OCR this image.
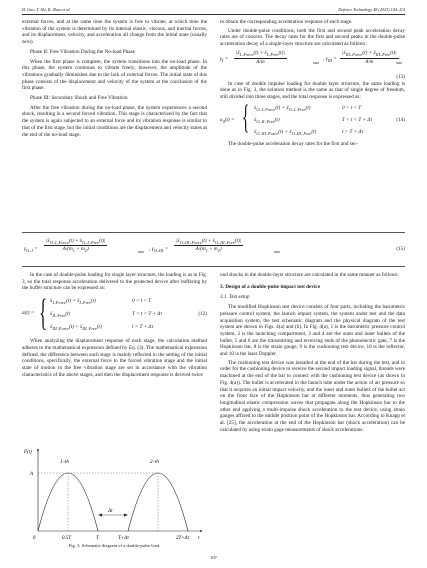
H. Gao, Y. Shi, R. Zhao et al.	Defence Technology 48 (2025) 104–114

external forces, and at the same time the system is free to vibrate, at which time the vibration of the system is determined by its internal elastic, viscous, and inertial forces, and its displacement, velocity, and acceleration all change from the initial state (usually zero).

Phase II: Free Vibration During the No-load Phase

When the first phase is complete, the system transitions into the no-load phase. In this phase, the system continues to vibrate freely; however, the amplitude of the vibrations gradually diminishes due to the lack of external forces. The initial state of this phase consists of the displacement and velocity of the system at the conclusion of the first phase.

Phase III: Secondary Shock and Free Vibration

After the free vibration during the no-load phase, the system experiences a second shock, resulting in a second forced vibration. This stage is characterized by the fact that the system is again subjected to an external force and its vibration response is similar to that of the first stage, but the initial conditions are the displacement and velocity states at the end of the no-load stage.

to obtain the corresponding acceleration response of each stage.

Under double-pulse conditions, both the first and second peak acceleration decay rates are of concern. The decay rates for the first and second peaks in the double-pulse acceleration decay of a single-layer structure are calculated as follows:

$\gamma_I$ =
$|ẍ_{I-Force}(t)$ + $ẍ_{I-Free}(t)|$
A/m	max
, $\gamma_{III}$ =
$|ẍ_{III-Force}(t)$ + $ẍ_{III-Free}(t)|$
A/m	max
(13)

In case of double impulse loading for double layer structure, the same loading is done as in Fig. 3, the solution method is the same as that of single degree of freedom, still divided into three stages, and the total response is expressed as:

$a_0(t)$ = { $ẍ_{O-I-Force}(t)$ + $ẍ_{O-I-Free}(t)$	0 < t < T
$ẍ_{O-II-Free}(t)$	T < t < T + Δτ
$ẍ_{O-III-Force}(t)$ + $ẍ_{O-III-Free}(t)$	t > T + Δτ
(14)

The double-pulse acceleration decay rates for the first and sec-

$\gamma_{O-I}$ =
$|ẍ_{O-I-Force}(t)$ + $ẍ_{O-I-Free}(t)|$
$A/(m_1 + m_2)$	max , $\gamma_{O-III}$ =
$|ẍ_{O-III-Force}(t)$ + $ẍ_{O-III-Free}(t)|$
$A/(m_1 + m_2)$	max	(15)

In the case of double-pulse loading for single layer structure, the loading is as in Fig. 3, so the total response acceleration delivered to the protected device after buffering by the buffer structure can be expressed as:

a(t) = { $ẍ_{I-Force}(t)$ + $ẍ_{I-Free}(t)$	0 < t < T
$ẍ_{II-Free}(t)$	T < t < T + Δτ
$ẍ_{III-Force}(t)$ + $ẍ_{III-Free}(t)$	t > T + Δτ
(12)

When analyzing the displacement response of each stage, the calculation method adheres to the mathematical expression defined by Eq. (3). The mathematical expression defined, the difference between each stage is mainly reflected in the setting of the initial conditions, specifically, the external force in the forced vibration stage and the initial state of motion in the free vibration stage are set in accordance with the vibration characteristics of the above stages, and then the displacement response is derived twice

F(t)
t
A
1–th	2–th
Δτ
0	0.5T	T	T+Δτ	2T+Δτ
Fig. 3. Schematic diagram of a double-pulse load.

ond shocks in the double-layer structure are calculated in the same manner as follows:

3. Design of a double-pulse impact test device
3.1. Test setup

The modified Hopkinson test device consists of four parts, including the barometric pressure control system, the launch impact system, the system under test and the data acquisition system, the test schematic diagram and the physical diagram of the test system are shown in Figs. 4(a) and (b). In Fig. 4(a), 1 is the barometric pressure control system, 2 is the launching compartment, 3 and 4 are the outer and inner bullets of the bullet, 5 and 6 are the transmitting and receiving ends of the photoelectric gate, 7 is the Hopkinson bar, 8 is the strain gauge, 9 is the cushioning test device, 10 is the reflector, and 10 is the laser Doppler.

The cushioning test device was installed at the end of the bar during the test, and in order for the cushioning device to receive the second impact loading signal, threads were machined at the end of the bar to connect with the cushioning test device (as shown in Fig. 4(a)). The bullet is accelerated in the launch tube under the action of air pressure so that it acquires an initial impact velocity, and the inner and outer bullets of the bullet act on the front face of the Hopkinson bar at different moments, thus generating two longitudinal elastic compression waves that propagate along the Hopkinson bar to the other end applying a multi-impulse shock acceleration to the test device, using strain gauges affixed to the middle position point of the Hopkinson bar. According to Knapp et al. [25], the acceleration at the end of the Hopkinson bar (shock acceleration) can be calculated by using strain gage measurements of shock accelerations:

107
